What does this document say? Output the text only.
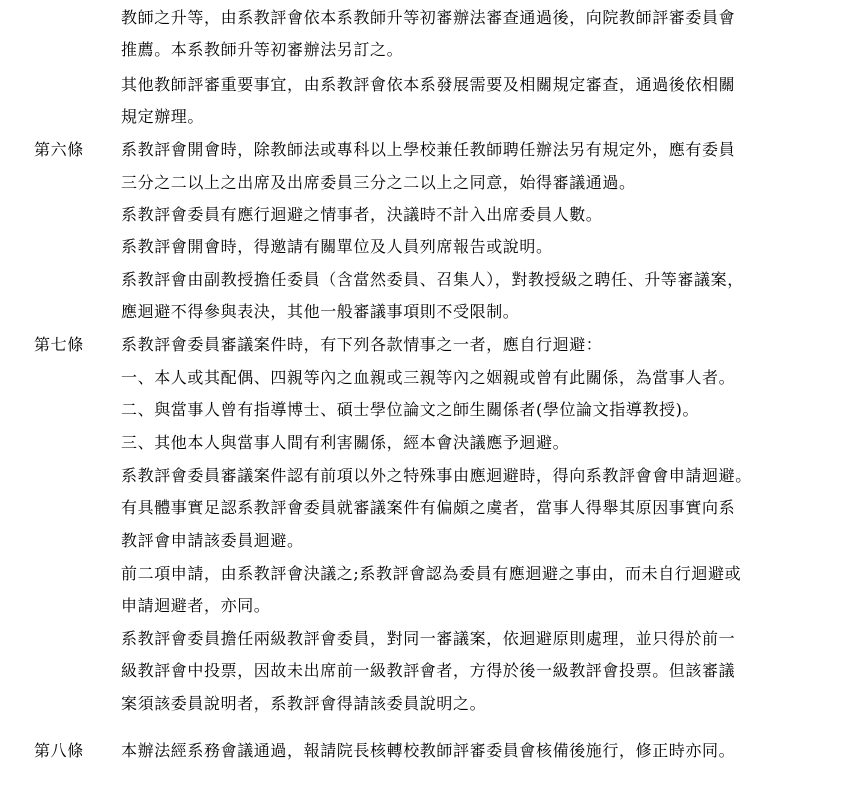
教師之升等，由系教評會依本系教師升等初審辦法審查通過後，向院教師評審委員會
推薦。本系教師升等初審辦法另訂之。
其他教師評審重要事宜，由系教評會依本系發展需要及相關規定審查，通過後依相關
規定辦理。
第六條 系教評會開會時，除教師法或專科以上學校兼任教師聘任辦法另有規定外，應有委員
三分之二以上之出席及出席委員三分之二以上之同意，始得審議通過。
系教評會委員有應行迴避之情事者，決議時不計入出席委員人數。
系教評會開會時，得邀請有關單位及人員列席報告或說明。
系教評會由副教授擔任委員（含當然委員、召集人），對教授級之聘任、升等審議案，
應迴避不得參與表決，其他一般審議事項則不受限制。
第七條 系教評會委員審議案件時，有下列各款情事之一者，應自行迴避：
一、本人或其配偶、四親等內之血親或三親等內之姻親或曾有此關係，為當事人者。
二、與當事人曾有指導博士、碩士學位論文之師生關係者(學位論文指導教授)。
三、其他本人與當事人間有利害關係，經本會決議應予迴避。
系教評會委員審議案件認有前項以外之特殊事由應迴避時，得向系教評會會申請迴避。
有具體事實足認系教評會委員就審議案件有偏頗之虞者，當事人得舉其原因事實向系
教評會申請該委員迴避。
前二項申請，由系教評會決議之;系教評會認為委員有應迴避之事由，而未自行迴避或
申請迴避者，亦同。
系教評會委員擔任兩級教評會委員，對同一審議案，依迴避原則處理，並只得於前一
級教評會中投票，因故未出席前一級教評會者，方得於後一級教評會投票。但該審議
案須該委員說明者，系教評會得請該委員說明之。
第八條 本辦法經系務會議通過，報請院長核轉校教師評審委員會核備後施行，修正時亦同。
